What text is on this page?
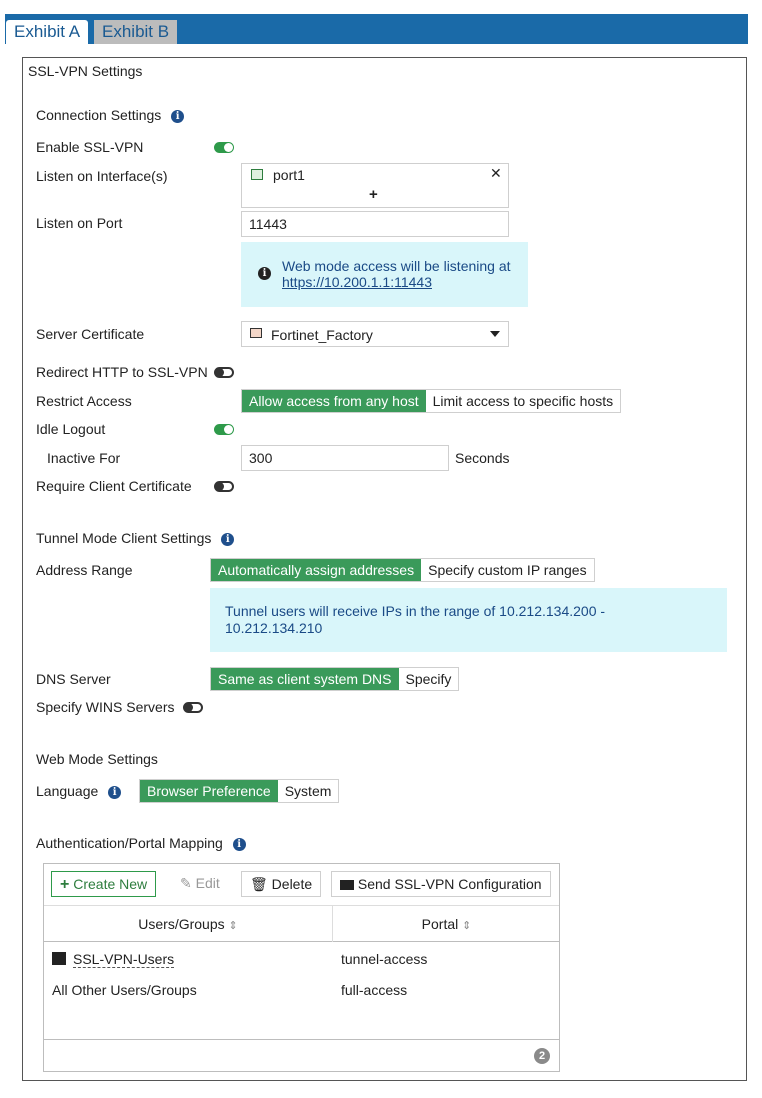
Exhibit A	Exhibit B
SSL-VPN Settings
Connection Settings i
Enable SSL-VPN
Listen on Interface(s)	port1	✕
+
Listen on Port	11443
i	Web mode access will be listening at
https://10.200.1.1:11443
Server Certificate	Fortinet_Factory
Redirect HTTP to SSL-VPN
Restrict Access	Allow access from any host	Limit access to specific hosts
Idle Logout
Inactive For	300	Seconds
Require Client Certificate
Tunnel Mode Client Settings i
Address Range	Automatically assign addresses	Specify custom IP ranges
Tunnel users will receive IPs in the range of 10.212.134.200 - 10.212.134.210
DNS Server	Same as client system DNS	Specify
Specify WINS Servers
Web Mode Settings
Language i	Browser Preference	System
Authentication/Portal Mapping i
+ Create New	✎ Edit	🗑 Delete	Send SSL-VPN Configuration
Users/Groups ⇕	Portal ⇕
SSL-VPN-Users	tunnel-access
All Other Users/Groups	full-access
2
